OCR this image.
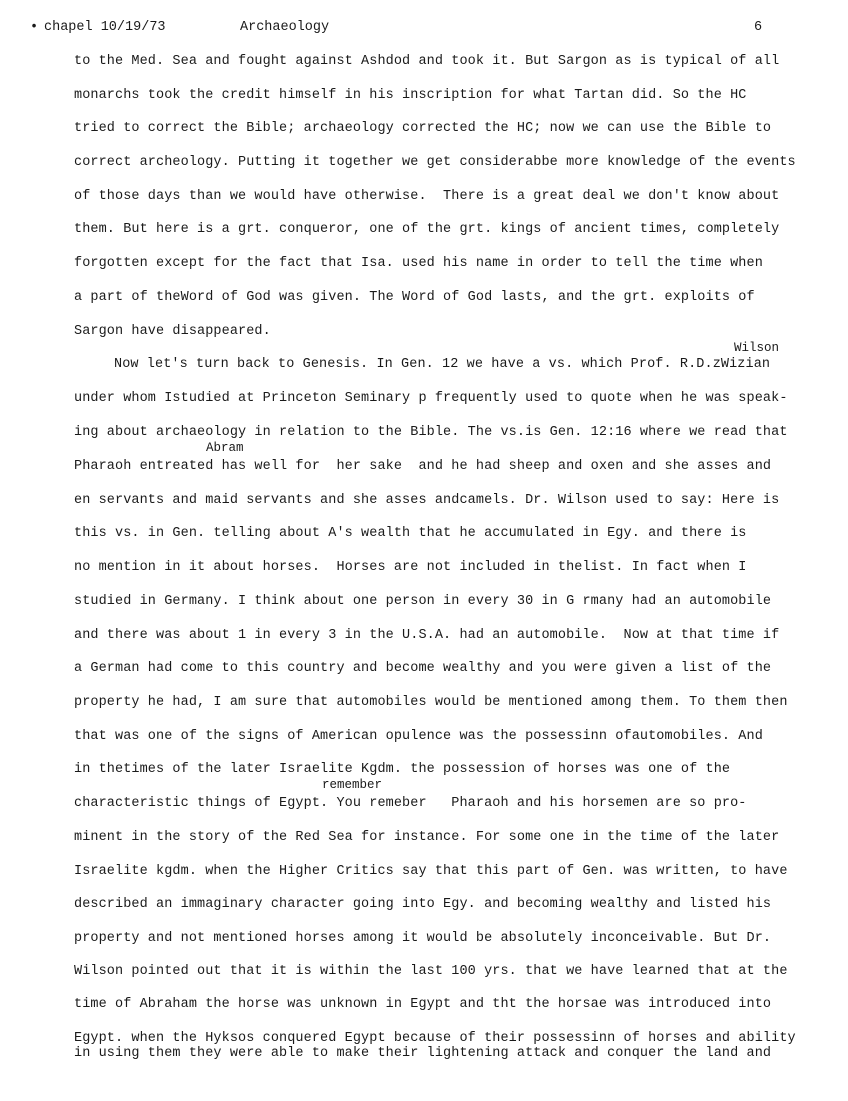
• chapel 10/19/73	Archaeology	6
Wilson
Abram
remember
to the Med. Sea and fought against Ashdod and took it. But Sargon as is typical of all
monarchs took the credit himself in his inscription for what Tartan did. So the HC
tried to correct the Bible; archaeology corrected the HC; now we can use the Bible to
correct archeology. Putting it together we get considerabbe more knowledge of the events
of those days than we would have otherwise.  There is a great deal we don't know about
them. But here is a grt. conqueror, one of the grt. kings of ancient times, completely
forgotten except for the fact that Isa. used his name in order to tell the time when
a part of theWord of God was given. The Word of God lasts, and the grt. exploits of
Sargon have disappeared.
Now let's turn back to Genesis. In Gen. 12 we have a vs. which Prof. R.D.zWizian
under whom Istudied at Princeton Seminary p frequently used to quote when he was speak-
ing about archaeology in relation to the Bible. The vs.is Gen. 12:16 where we read that
Pharaoh entreated has well for  her sake  and he had sheep and oxen and she asses and
en servants and maid servants and she asses andcamels. Dr. Wilson used to say: Here is
this vs. in Gen. telling about A's wealth that he accumulated in Egy. and there is
no mention in it about horses.  Horses are not included in thelist. In fact when I
studied in Germany. I think about one person in every 30 in G rmany had an automobile
and there was about 1 in every 3 in the U.S.A. had an automobile.  Now at that time if
a German had come to this country and become wealthy and you were given a list of the
property he had, I am sure that automobiles would be mentioned among them. To them then
that was one of the signs of American opulence was the possessinn ofautomobiles. And
in thetimes of the later Israelite Kgdm. the possession of horses was one of the
characteristic things of Egypt. You remeber   Pharaoh and his horsemen are so pro-
minent in the story of the Red Sea for instance. For some one in the time of the later
Israelite kgdm. when the Higher Critics say that this part of Gen. was written, to have
described an immaginary character going into Egy. and becoming wealthy and listed his
property and not mentioned horses among it would be absolutely inconceivable. But Dr.
Wilson pointed out that it is within the last 100 yrs. that we have learned that at the
time of Abraham the horse was unknown in Egypt and tht the horsae was introduced into
Egypt. when the Hyksos conquered Egypt because of their possessinn of horses and ability
in using them they were able to make their lightening attack and conquer the land and
